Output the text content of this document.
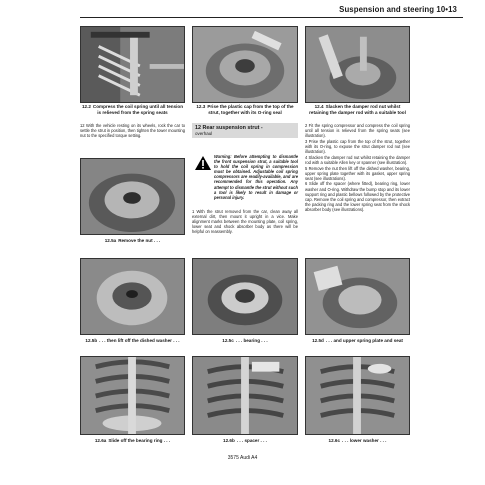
Suspension and steering 10•13
12.2 Compress the coil spring until all tension is relieved from the spring seats
12.3 Prise the plastic cap from the top of the strut, together with its O-ring seal
12.4 Slacken the damper rod nut whilst retaining the damper rod with a suitable tool

12 With the vehicle resting on its wheels, rock the car to settle the strut in position, then tighten the tower mounting nut to the specified torque setting.

12 Rear suspension strut -
overhaul
Warning: Before attempting to dismantle the front suspension strut, a suitable tool to hold the coil spring in compression must be obtained. Adjustable coil spring compressors are readily-available, and are recommended for this operation. Any attempt to dismantle the strut without such a tool is likely to result in damage or personal injury.

1 With the strut removed from the car, clean away all external dirt, then mount it upright in a vice. Make alignment marks between the mounting plate, coil spring, lower seat and shock absorber body as there will be helpful on reassembly.

2 Fit the spring compressor and compress the coil spring until all tension is relieved from the spring seats (see illustration).

3 Prise the plastic cap from the top of the strut, together with its O-ring, to expose the strut damper rod nut (see illustration).

4 Slacken the damper rod nut whilst retaining the damper rod with a suitable Allen key or spanner (see illustration).

5 Remove the nut then lift off the dished washer, bearing, upper spring plate together with its gasket, upper spring seat (see illustrations).

6 Slide off the spacer (where fitted), bearing ring, lower washer and O-ring. Withdraw the bump stop and its lower support ring and plastic bellows followed by the protective cap. Remove the coil spring and compressor, then extract the packing ring and the lower spring seat from the shock absorber body (see illustrations).

12.5a Remove the nut . . .
12.5b . . . then lift off the dished washer . . .	12.5c . . . bearing . . .	12.5d . . . and upper spring plate and seat
12.6a Slide off the bearing ring . . .	12.6b . . . spacer . . .	12.6c . . . lower washer . . .
3575 Audi A4
